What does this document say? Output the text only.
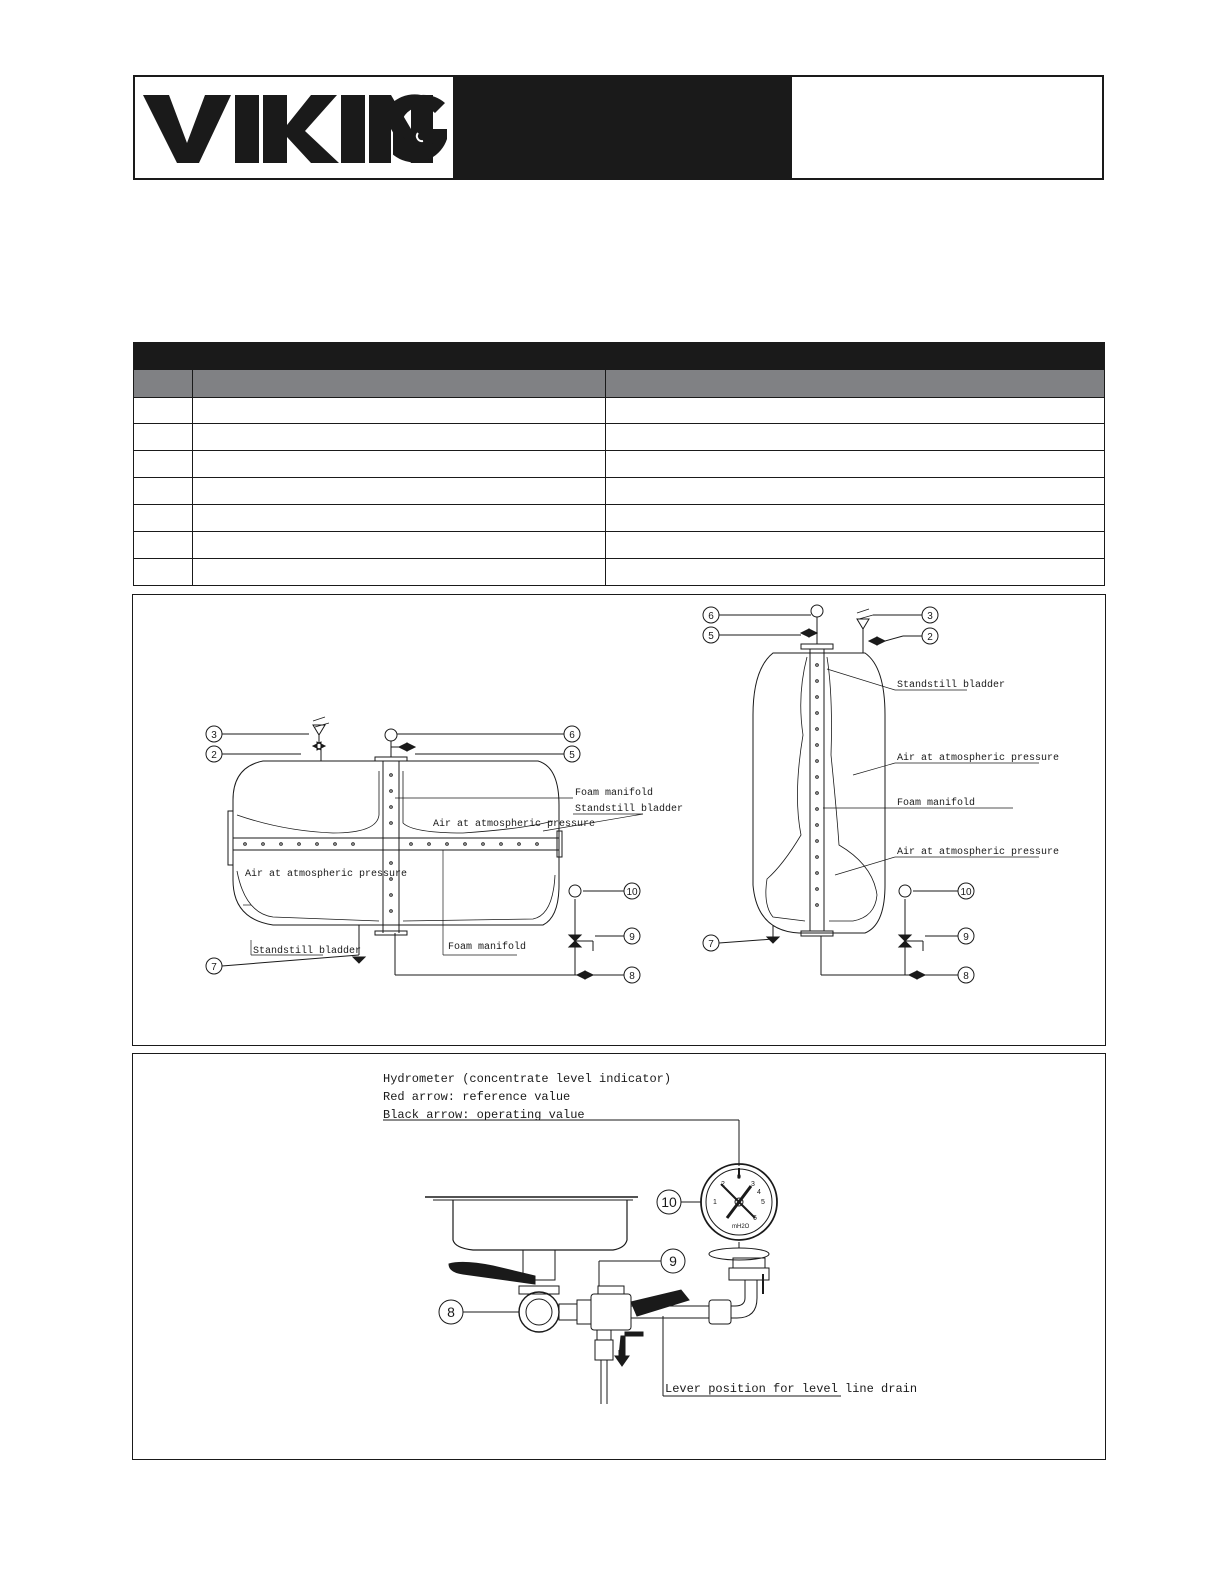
3
2
6
5
10
9
8
7
6
5
3
2
10
9
8
7
Foam manifold
Standstill bladder
Air at atmospheric pressure
Air at atmospheric pressure
Standstill bladder	Foam manifold
Standstill bladder
Air at atmospheric pressure
Foam manifold
Air at atmospheric pressure
Hydrometer (concentrate level indicator)
Red arrow: reference value
Black arrow: operating value
Lever position for level line drain
10
9
8
mH2O
0
1
2	3
4
5
6
